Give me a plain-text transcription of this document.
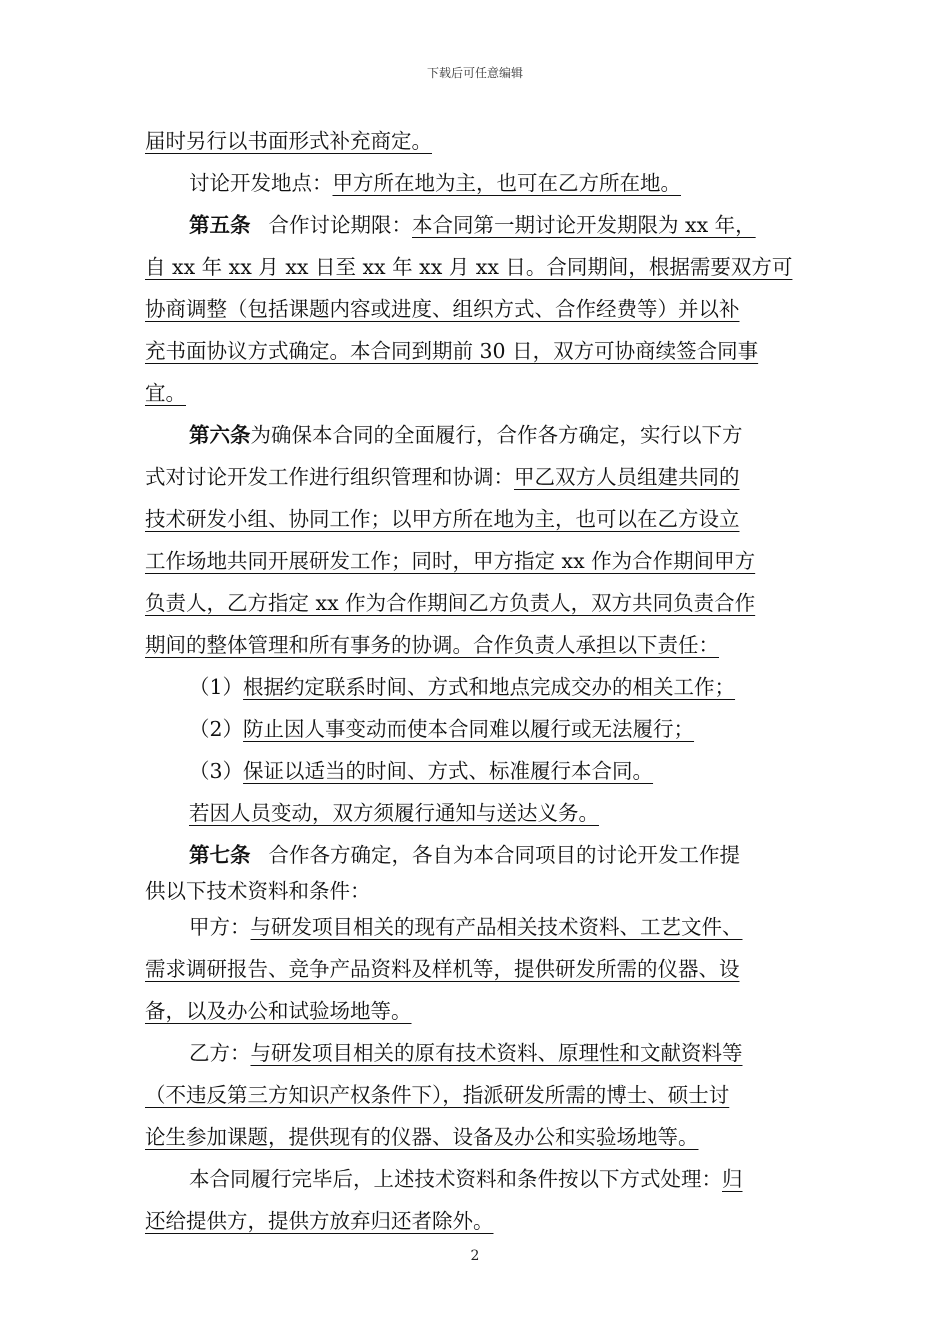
下载后可任意编辑
届时另行以书面形式补充商定。
讨论开发地点：甲方所在地为主，也可在乙方所在地。
第五条 合作讨论期限：本合同第一期讨论开发期限为 xx 年，
自 xx 年 xx 月 xx 日至 xx 年 xx 月 xx 日。合同期间，根据需要双方可
协商调整（包括课题内容或进度、组织方式、合作经费等）并以补
充书面协议方式确定。本合同到期前 30 日，双方可协商续签合同事
宜。
第六条为确保本合同的全面履行，合作各方确定，实行以下方
式对讨论开发工作进行组织管理和协调：甲乙双方人员组建共同的
技术研发小组、协同工作；以甲方所在地为主，也可以在乙方设立
工作场地共同开展研发工作；同时，甲方指定 xx 作为合作期间甲方
负责人，乙方指定 xx 作为合作期间乙方负责人，双方共同负责合作
期间的整体管理和所有事务的协调。合作负责人承担以下责任：
（1）根据约定联系时间、方式和地点完成交办的相关工作；
（2）防止因人事变动而使本合同难以履行或无法履行；
（3）保证以适当的时间、方式、标准履行本合同。
若因人员变动，双方须履行通知与送达义务。
第七条 合作各方确定，各自为本合同项目的讨论开发工作提
供以下技术资料和条件：
甲方：与研发项目相关的现有产品相关技术资料、工艺文件、
需求调研报告、竞争产品资料及样机等，提供研发所需的仪器、设
备，以及办公和试验场地等。
乙方：与研发项目相关的原有技术资料、原理性和文献资料等
（不违反第三方知识产权条件下），指派研发所需的博士、硕士讨
论生参加课题，提供现有的仪器、设备及办公和实验场地等。
本合同履行完毕后，上述技术资料和条件按以下方式处理：归
还给提供方，提供方放弃归还者除外。
2
